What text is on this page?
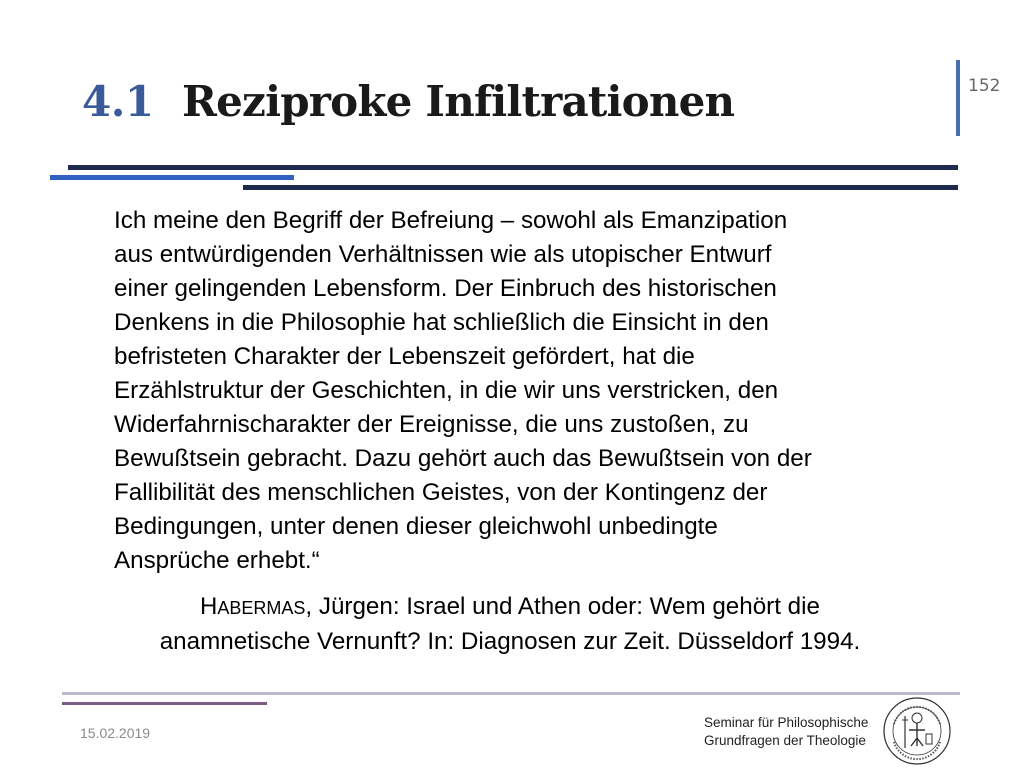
4.1 Reziproke Infiltrationen	152
Ich meine den Begriff der Befreiung – sowohl als Emanzipation
aus entwürdigenden Verhältnissen wie als utopischer Entwurf
einer gelingenden Lebensform. Der Einbruch des historischen
Denkens in die Philosophie hat schließlich die Einsicht in den
befristeten Charakter der Lebenszeit gefördert, hat die
Erzählstruktur der Geschichten, in die wir uns verstricken, den
Widerfahrnischarakter der Ereignisse, die uns zustoßen, zu
Bewußtsein gebracht. Dazu gehört auch das Bewußtsein von der
Fallibilität des menschlichen Geistes, von der Kontingenz der
Bedingungen, unter denen dieser gleichwohl unbedingte
Ansprüche erhebt.“
HABERMAS, Jürgen: Israel und Athen oder: Wem gehört die
anamnetische Vernunft? In: Diagnosen zur Zeit. Düsseldorf 1994.
15.02.2019
Seminar für Philosophische
Grundfragen der Theologie
